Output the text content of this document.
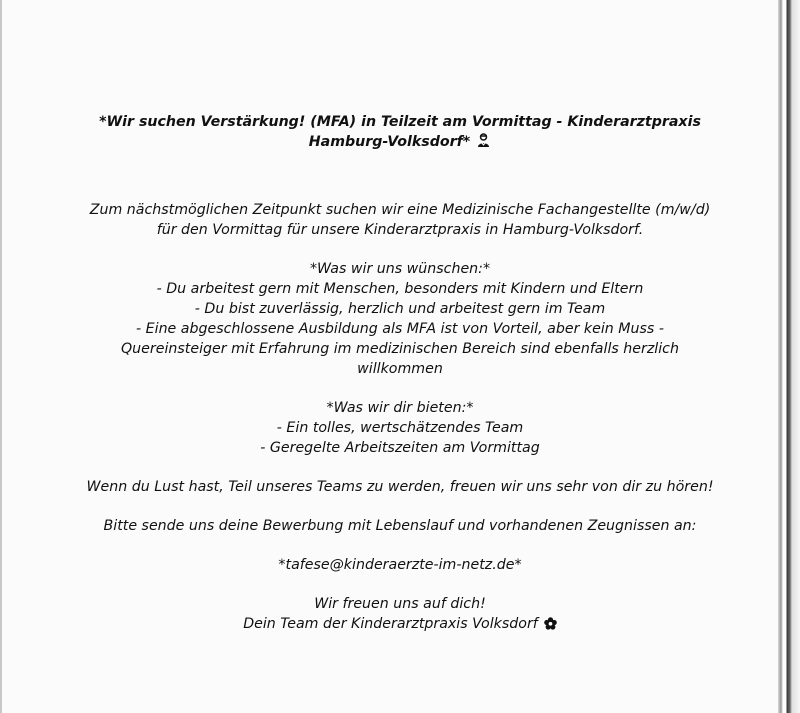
*Wir suchen Verstärkung! (MFA) in Teilzeit am Vormittag - Kinderarztpraxis

Hamburg-Volksdorf*

Zum nächstmöglichen Zeitpunkt suchen wir eine Medizinische Fachangestellte (m/w/d)

für den Vormittag für unsere Kinderarztpraxis in Hamburg-Volksdorf.

*Was wir uns wünschen:*

- Du arbeitest gern mit Menschen, besonders mit Kindern und Eltern

- Du bist zuverlässig, herzlich und arbeitest gern im Team

- Eine abgeschlossene Ausbildung als MFA ist von Vorteil, aber kein Muss -

Quereinsteiger mit Erfahrung im medizinischen Bereich sind ebenfalls herzlich

willkommen

*Was wir dir bieten:*

- Ein tolles, wertschätzendes Team

- Geregelte Arbeitszeiten am Vormittag

Wenn du Lust hast, Teil unseres Teams zu werden, freuen wir uns sehr von dir zu hören!

Bitte sende uns deine Bewerbung mit Lebenslauf und vorhandenen Zeugnissen an:

*tafese@kinderaerzte-im-netz.de*

Wir freuen uns auf dich!

Dein Team der Kinderarztpraxis Volksdorf
